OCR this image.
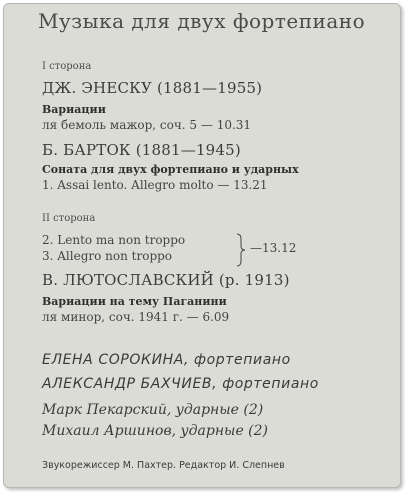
Музыка для двух фортепиано
I сторона
ДЖ. ЭНЕСКУ (1881—1955)
Вариации
ля бемоль мажор, соч. 5 — 10.31
Б. БАРТОК (1881—1945)
Соната для двух фортепиано и ударных
1. Assai lento. Allegro molto — 13.21
II сторона
2. Lento ma non troppo
3. Allegro non troppo
—13.12
В. ЛЮТОСЛАВСКИЙ (р. 1913)
Вариации на тему Паганини
ля минор, соч. 1941 г. — 6.09
ЕЛЕНА СОРОКИНА, фортепиано
АЛЕКСАНДР БАХЧИЕВ, фортепиано
Марк Пекарский, ударные (2)
Михаил Аршинов, ударные (2)
Звукорежиссер М. Пахтер. Редактор И. Слепнев
